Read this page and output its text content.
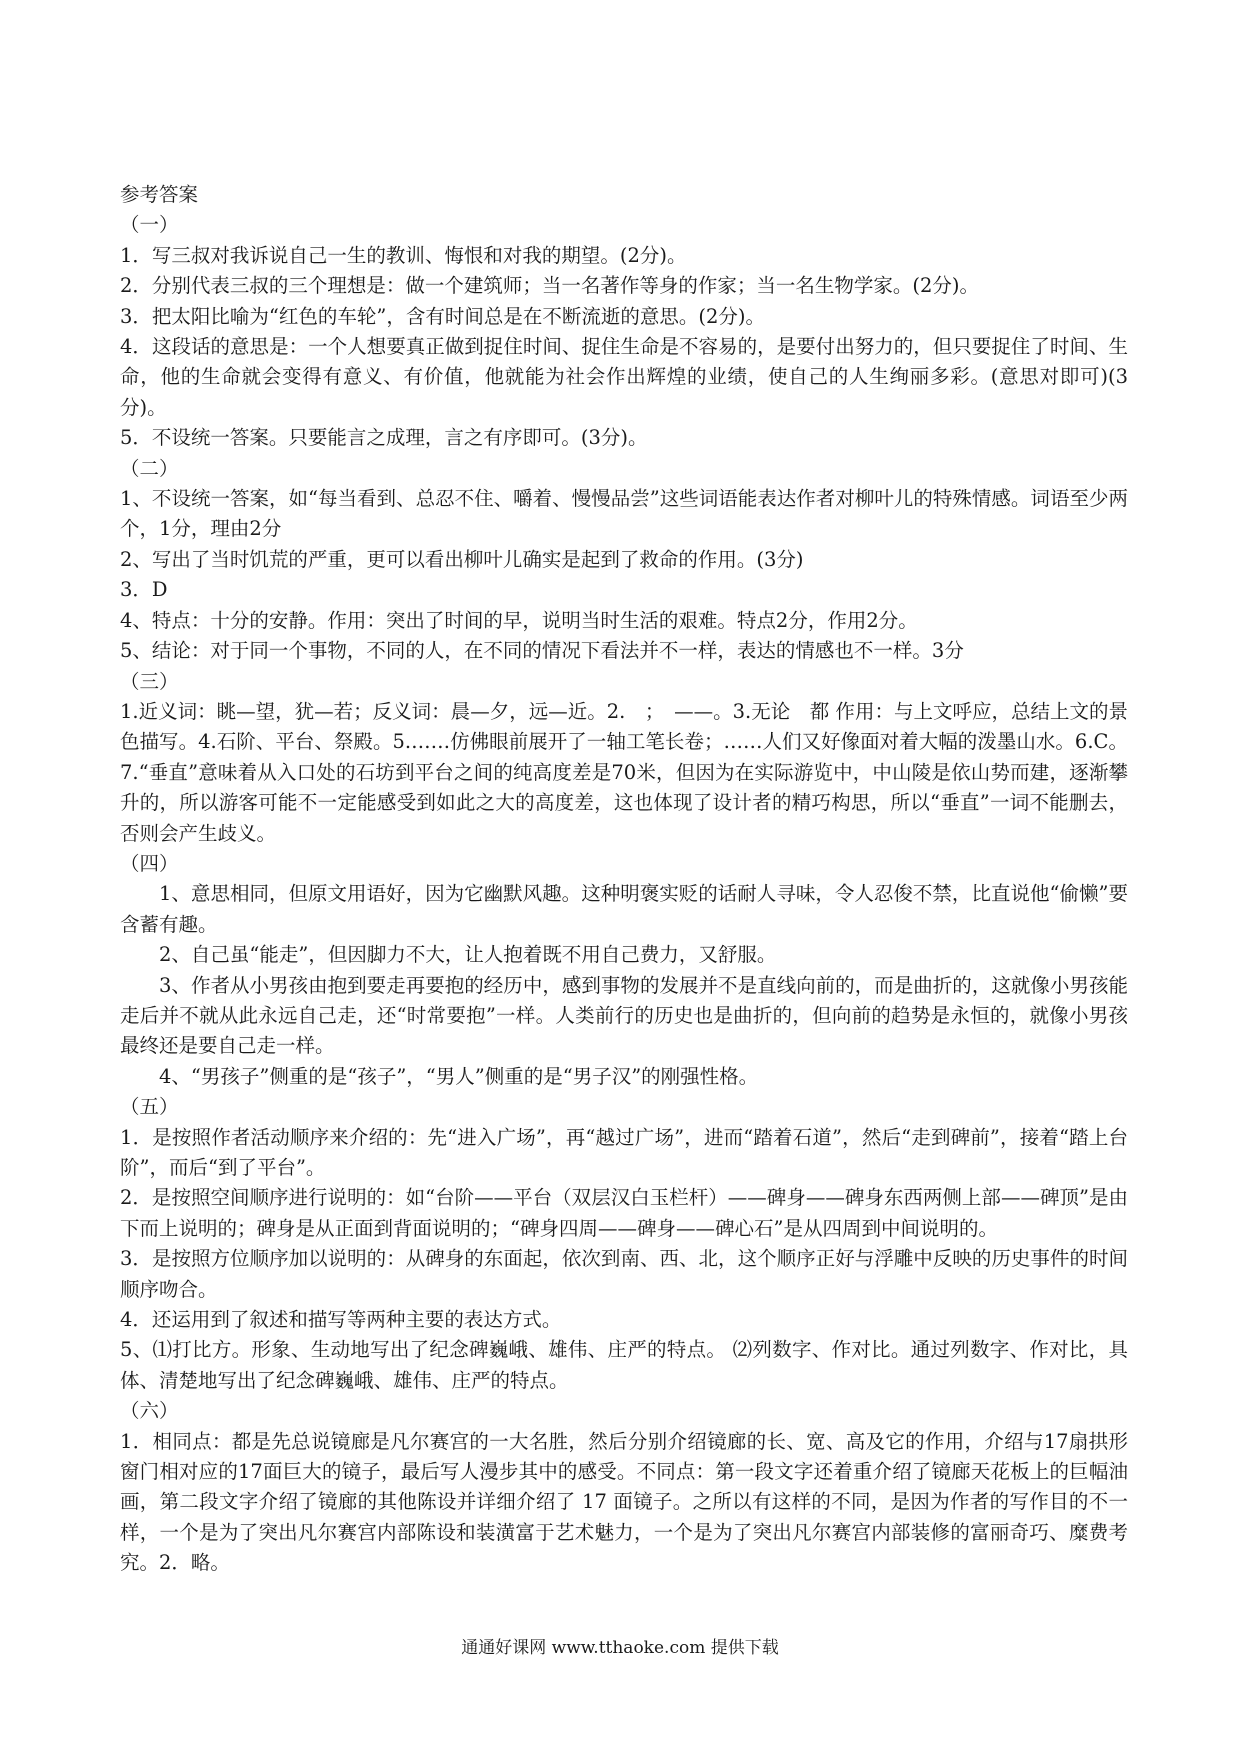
参考答案
（一）
1．写三叔对我诉说自己一生的教训、悔恨和对我的期望。(2分)。
2．分别代表三叔的三个理想是：做一个建筑师；当一名著作等身的作家；当一名生物学家。(2分)。
3．把太阳比喻为“红色的车轮”，含有时间总是在不断流逝的意思。(2分)。
4．这段话的意思是：一个人想要真正做到捉住时间、捉住生命是不容易的，是要付出努力的，但只要捉住了时间、生命，他的生命就会变得有意义、有价值，他就能为社会作出辉煌的业绩，使自己的人生绚丽多彩。(意思对即可)(3分)。
5．不设统一答案。只要能言之成理，言之有序即可。(3分)。
（二）
1、不设统一答案，如“每当看到、总忍不住、嚼着、慢慢品尝”这些词语能表达作者对柳叶儿的特殊情感。词语至少两个，1分，理由2分
2、写出了当时饥荒的严重，更可以看出柳叶儿确实是起到了救命的作用。(3分)
3．D
4、特点：十分的安静。作用：突出了时间的早，说明当时生活的艰难。特点2分，作用2分。
5、结论：对于同一个事物，不同的人，在不同的情况下看法并不一样，表达的情感也不一样。3分
（三）
1.近义词：眺—望，犹—若；反义词：晨—夕，远—近。2.　；　——。3.无论　都 作用：与上文呼应，总结上文的景色描写。4.石阶、平台、祭殿。5.……仿佛眼前展开了一轴工笔长卷；……人们又好像面对着大幅的泼墨山水。6.C。7.“垂直”意味着从入口处的石坊到平台之间的纯高度差是70米，但因为在实际游览中，中山陵是依山势而建，逐渐攀升的，所以游客可能不一定能感受到如此之大的高度差，这也体现了设计者的精巧构思，所以“垂直”一词不能删去，否则会产生歧义。
（四）
1、意思相同，但原文用语好，因为它幽默风趣。这种明褒实贬的话耐人寻味，令人忍俊不禁，比直说他“偷懒”要含蓄有趣。
2、自己虽“能走”，但因脚力不大，让人抱着既不用自己费力，又舒服。
3、作者从小男孩由抱到要走再要抱的经历中，感到事物的发展并不是直线向前的，而是曲折的，这就像小男孩能走后并不就从此永远自己走，还“时常要抱”一样。人类前行的历史也是曲折的，但向前的趋势是永恒的，就像小男孩最终还是要自己走一样。
4、“男孩子”侧重的是“孩子”，“男人”侧重的是“男子汉”的刚强性格。
（五）
1．是按照作者活动顺序来介绍的：先“进入广场”，再“越过广场”，进而“踏着石道”，然后“走到碑前”，接着“踏上台阶”，而后“到了平台”。
2．是按照空间顺序进行说明的：如“台阶——平台（双层汉白玉栏杆）——碑身——碑身东西两侧上部——碑顶”是由下而上说明的；碑身是从正面到背面说明的；“碑身四周——碑身——碑心石”是从四周到中间说明的。
3．是按照方位顺序加以说明的：从碑身的东面起，依次到南、西、北，这个顺序正好与浮雕中反映的历史事件的时间顺序吻合。
4．还运用到了叙述和描写等两种主要的表达方式。
5、⑴打比方。形象、生动地写出了纪念碑巍峨、雄伟、庄严的特点。 ⑵列数字、作对比。通过列数字、作对比，具体、清楚地写出了纪念碑巍峨、雄伟、庄严的特点。
（六）
1．相同点：都是先总说镜廊是凡尔赛宫的一大名胜，然后分别介绍镜廊的长、宽、高及它的作用，介绍与17扇拱形窗门相对应的17面巨大的镜子，最后写人漫步其中的感受。不同点：第一段文字还着重介绍了镜廊天花板上的巨幅油画，第二段文字介绍了镜廊的其他陈设并详细介绍了 17 面镜子。之所以有这样的不同，是因为作者的写作目的不一样，一个是为了突出凡尔赛宫内部陈设和装潢富于艺术魅力，一个是为了突出凡尔赛宫内部装修的富丽奇巧、糜费考究。2．略。
通通好课网 www.tthaoke.com 提供下载
